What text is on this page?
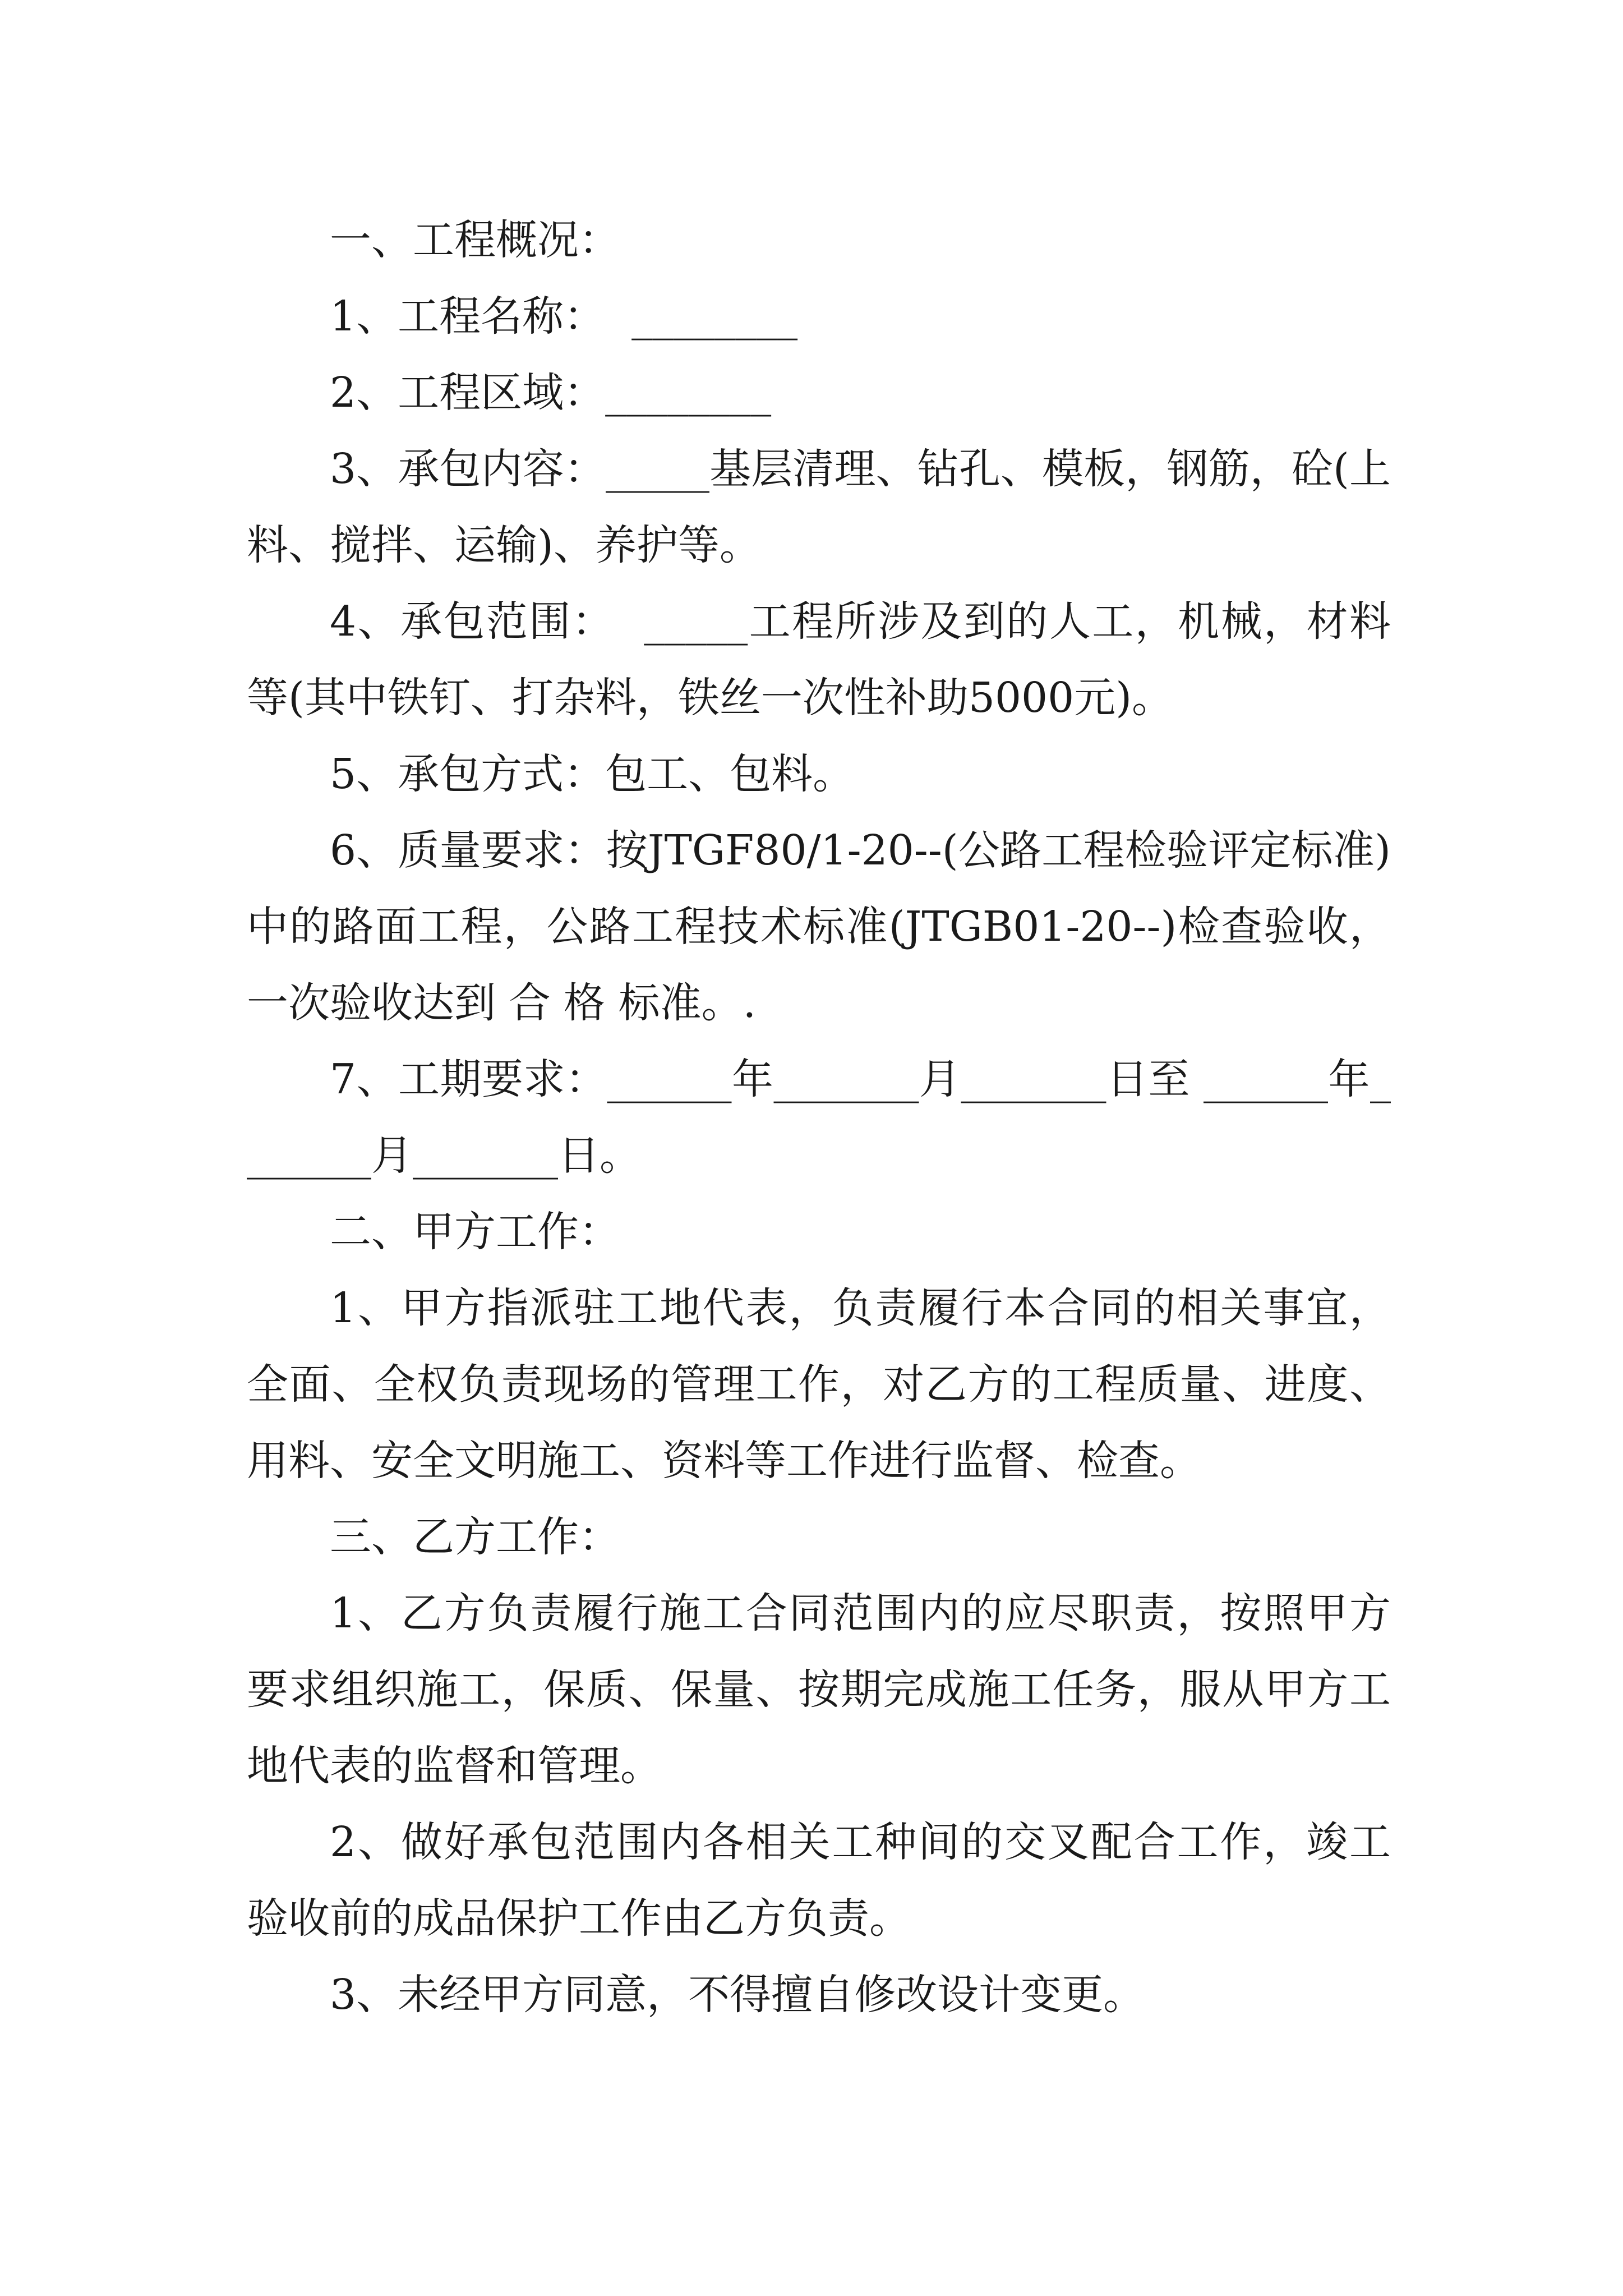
一、工程概况：

1、工程名称：  ________

2、工程区域：________

3、承包内容：_____基层清理、钻孔、模板，钢筋，砼(上料、搅拌、运输)、养护等。

4、承包范围：  _____工程所涉及到的人工，机械，材料等(其中铁钉、打杂料，铁丝一次性补助5000元)。

5、承包方式：包工、包料。

6、质量要求：按JTGF80/1-20--(公路工程检验评定标准)中的路面工程，公路工程技术标准(JTGB01-20--)检查验收，一次验收达到 合 格 标准。.

7、工期要求：______年_______月_______日至 ______年_______月_______日。

二、甲方工作：

1、甲方指派驻工地代表，负责履行本合同的相关事宜，全面、全权负责现场的管理工作，对乙方的工程质量、进度、用料、安全文明施工、资料等工作进行监督、检查。

三、乙方工作：

1、乙方负责履行施工合同范围内的应尽职责，按照甲方要求组织施工，保质、保量、按期完成施工任务，服从甲方工地代表的监督和管理。

2、做好承包范围内各相关工种间的交叉配合工作，竣工验收前的成品保护工作由乙方负责。

3、未经甲方同意，不得擅自修改设计变更。
